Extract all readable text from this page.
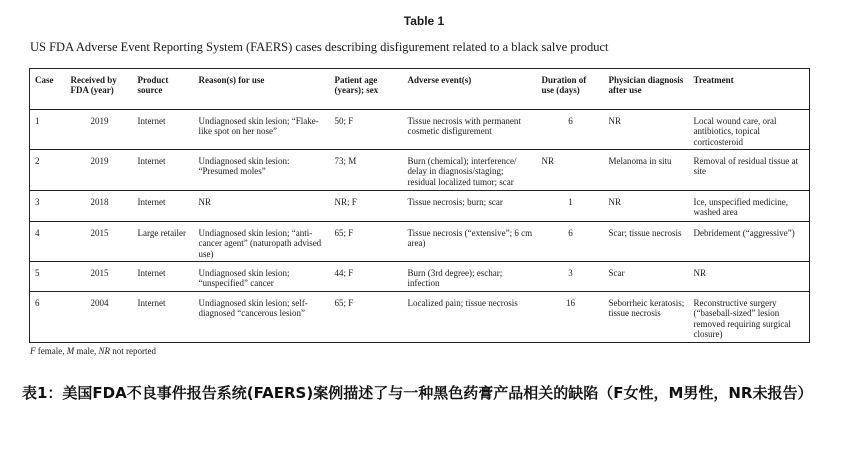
Table 1
US FDA Adverse Event Reporting System (FAERS) cases describing disfigurement related to a black salve product
Case	Received by FDA (year)	Product source	Reason(s) for use	Patient age (years); sex	Adverse event(s)	Duration of use (days)	Physician diagnosis after use	Treatment
1	2019	Internet	Undiagnosed skin lesion; “Flake-like spot on her nose”	50; F	Tissue necrosis with permanent cosmetic disfigurement	6	NR	Local wound care, oral antibiotics, topical corticosteroid
2	2019	Internet	Undiagnosed skin lesion: “Presumed moles”	73; M	Burn (chemical); interference/ delay in diagnosis/staging; residual localized tumor; scar	NR	Melanoma in situ	Removal of residual tissue at site
3	2018	Internet	NR	NR; F	Tissue necrosis; burn; scar	1	NR	Ice, unspecified medicine, washed area
4	2015	Large retailer	Undiagnosed skin lesion; “anti-cancer agent” (naturopath advised use)	65; F	Tissue necrosis (“extensive”; 6 cm area)	6	Scar; tissue necrosis	Debridement (“aggressive”)
5	2015	Internet	Undiagnosed skin lesion; “unspecified” cancer	44; F	Burn (3rd degree); eschar; infection	3	Scar	NR
6	2004	Internet	Undiagnosed skin lesion; self-diagnosed “cancerous lesion”	65; F	Localized pain; tissue necrosis	16	Seborrheic keratosis; tissue necrosis	Reconstructive surgery (“baseball-sized” lesion removed requiring surgical closure)
F female, M male, NR not reported
表1：美国FDA不良事件报告系统(FAERS)案例描述了与一种黑色药膏产品相关的缺陷（F女性，M男性，NR未报告）
